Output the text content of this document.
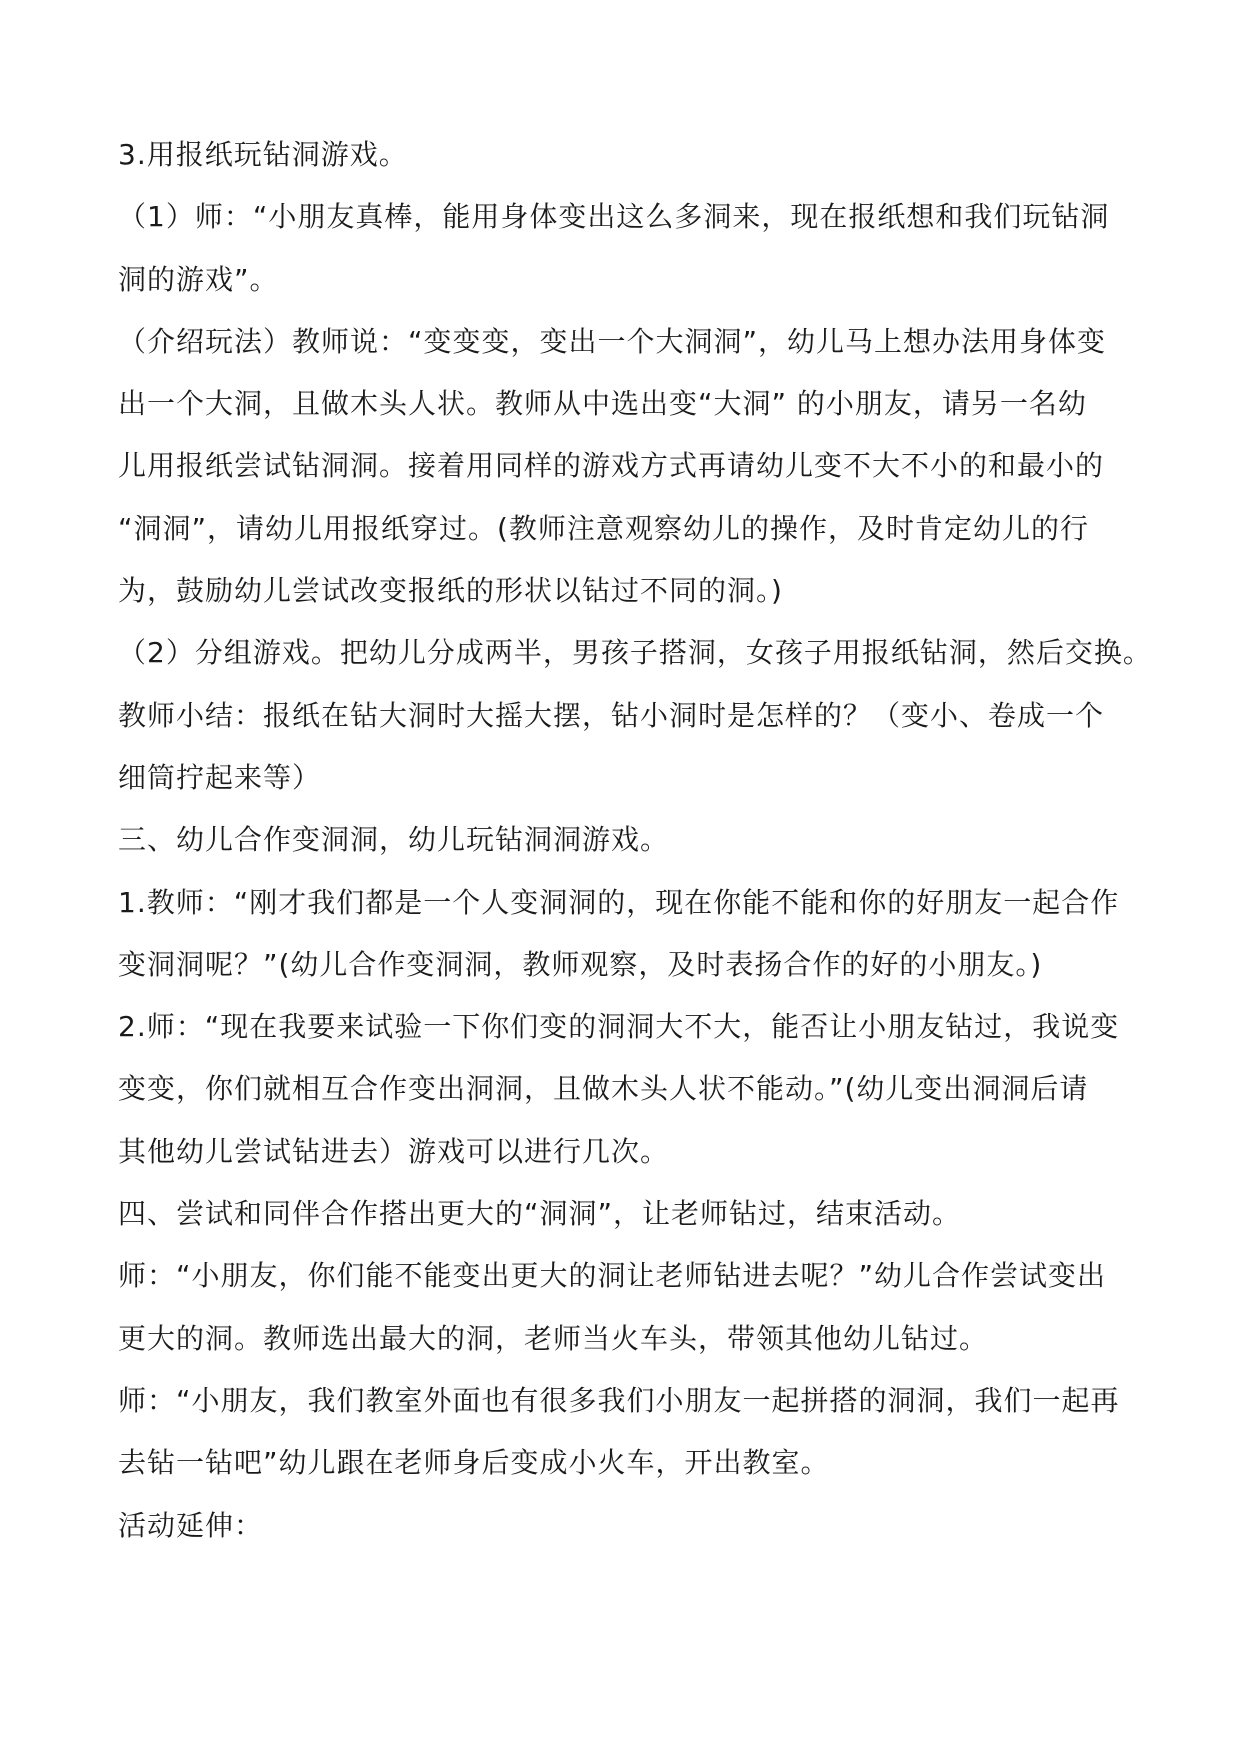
3.用报纸玩钻洞游戏。
（1）师：“小朋友真棒，能用身体变出这么多洞来，现在报纸想和我们玩钻洞
洞的游戏”。
（介绍玩法）教师说：“变变变，变出一个大洞洞”，幼儿马上想办法用身体变
出一个大洞，且做木头人状。教师从中选出变“大洞” 的小朋友，请另一名幼
儿用报纸尝试钻洞洞。接着用同样的游戏方式再请幼儿变不大不小的和最小的
“洞洞”，请幼儿用报纸穿过。(教师注意观察幼儿的操作，及时肯定幼儿的行
为，鼓励幼儿尝试改变报纸的形状以钻过不同的洞。)
（2）分组游戏。把幼儿分成两半，男孩子搭洞，女孩子用报纸钻洞，然后交换。
教师小结：报纸在钻大洞时大摇大摆，钻小洞时是怎样的？（变小、卷成一个
细筒拧起来等）
三、幼儿合作变洞洞，幼儿玩钻洞洞游戏。
1.教师：“刚才我们都是一个人变洞洞的，现在你能不能和你的好朋友一起合作
变洞洞呢？”(幼儿合作变洞洞，教师观察，及时表扬合作的好的小朋友。)
2.师：“现在我要来试验一下你们变的洞洞大不大，能否让小朋友钻过，我说变
变变，你们就相互合作变出洞洞，且做木头人状不能动。”(幼儿变出洞洞后请
其他幼儿尝试钻进去）游戏可以进行几次。
四、尝试和同伴合作搭出更大的“洞洞”，让老师钻过，结束活动。
师：“小朋友，你们能不能变出更大的洞让老师钻进去呢？”幼儿合作尝试变出
更大的洞。教师选出最大的洞，老师当火车头，带领其他幼儿钻过。
师：“小朋友，我们教室外面也有很多我们小朋友一起拼搭的洞洞，我们一起再
去钻一钻吧”幼儿跟在老师身后变成小火车，开出教室。
活动延伸：
